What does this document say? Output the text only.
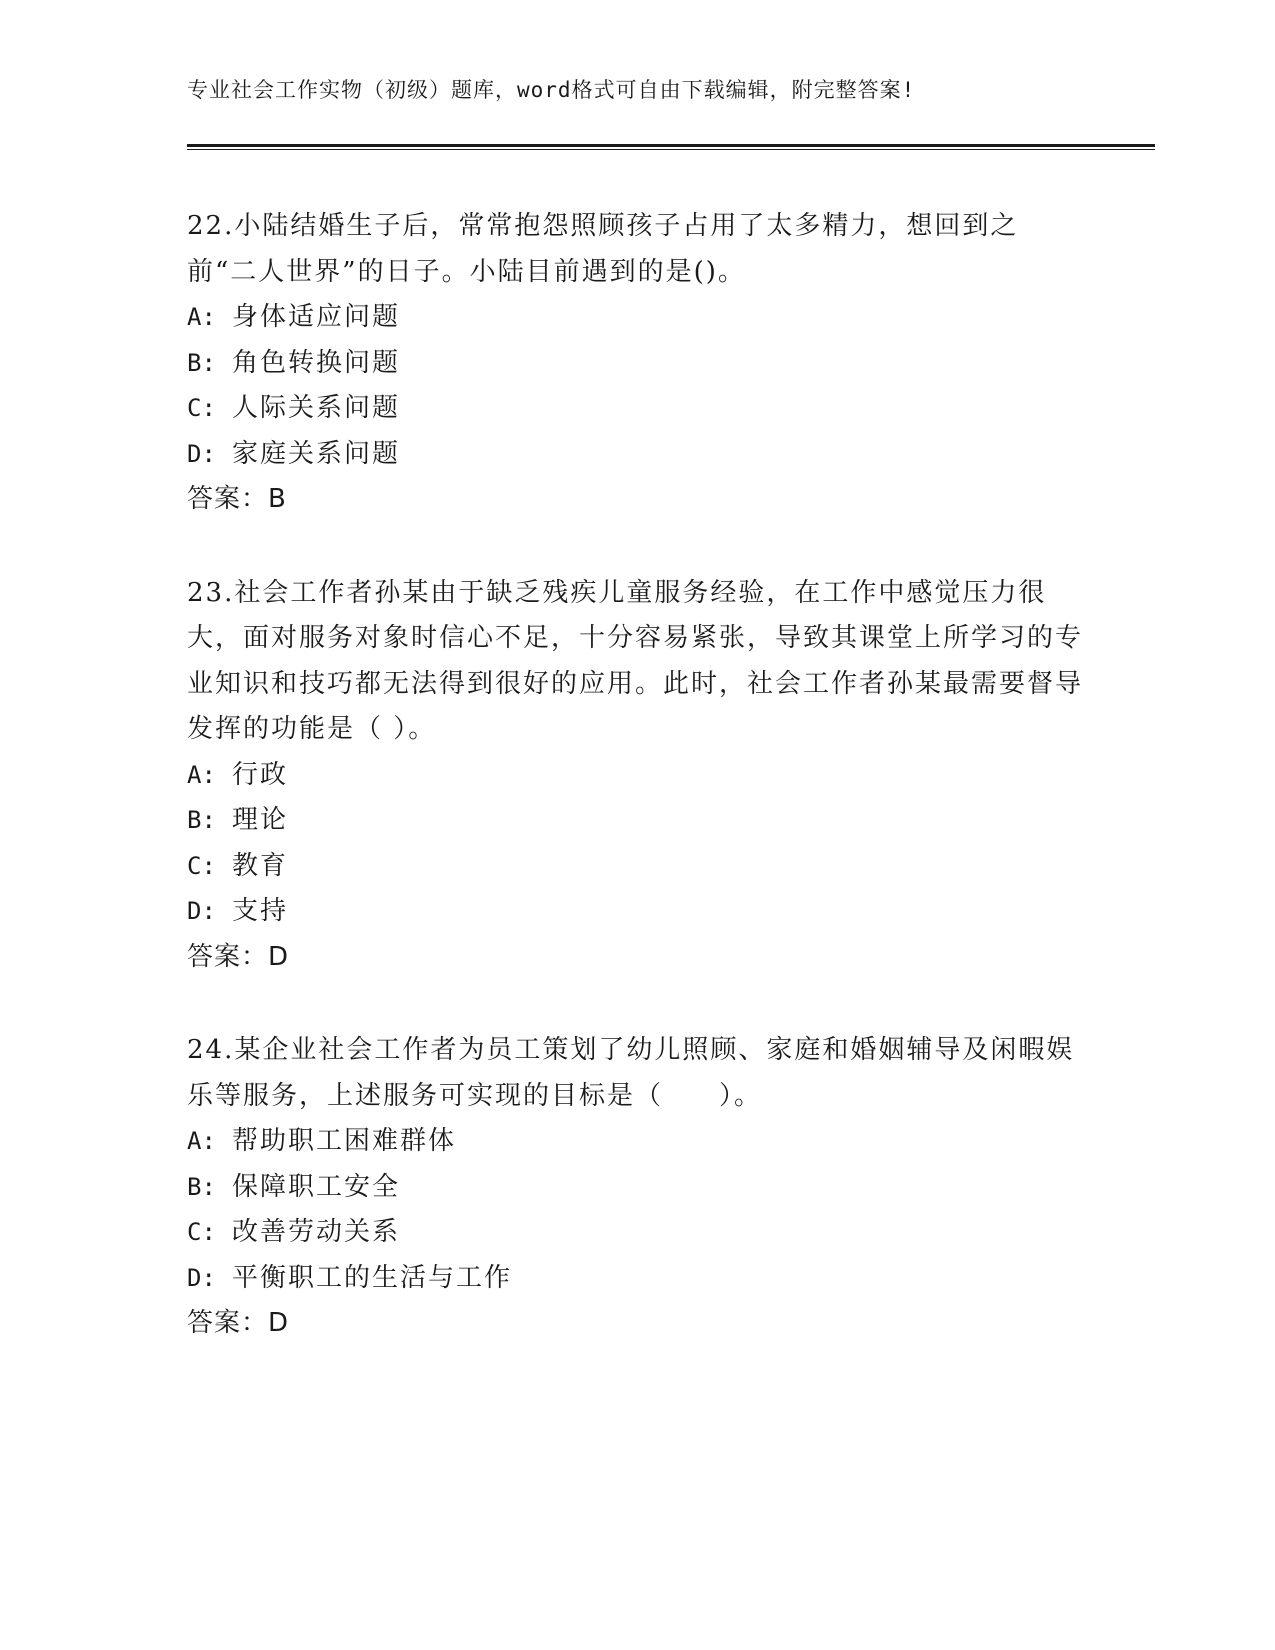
专业社会工作实物（初级）题库，word格式可自由下载编辑，附完整答案!

22.小陆结婚生子后，常常抱怨照顾孩子占用了太多精力，想回到之前“二人世界”的日子。小陆目前遇到的是()。

A: 身体适应问题

B: 角色转换问题

C: 人际关系问题

D: 家庭关系问题

答案：B

23.社会工作者孙某由于缺乏残疾儿童服务经验，在工作中感觉压力很大，面对服务对象时信心不足，十分容易紧张，导致其课堂上所学习的专业知识和技巧都无法得到很好的应用。此时，社会工作者孙某最需要督导发挥的功能是（ ）。

A: 行政

B: 理论

C: 教育

D: 支持

答案：D

24.某企业社会工作者为员工策划了幼儿照顾、家庭和婚姻辅导及闲暇娱乐等服务，上述服务可实现的目标是（　　）。

A: 帮助职工困难群体

B: 保障职工安全

C: 改善劳动关系

D: 平衡职工的生活与工作

答案：D
